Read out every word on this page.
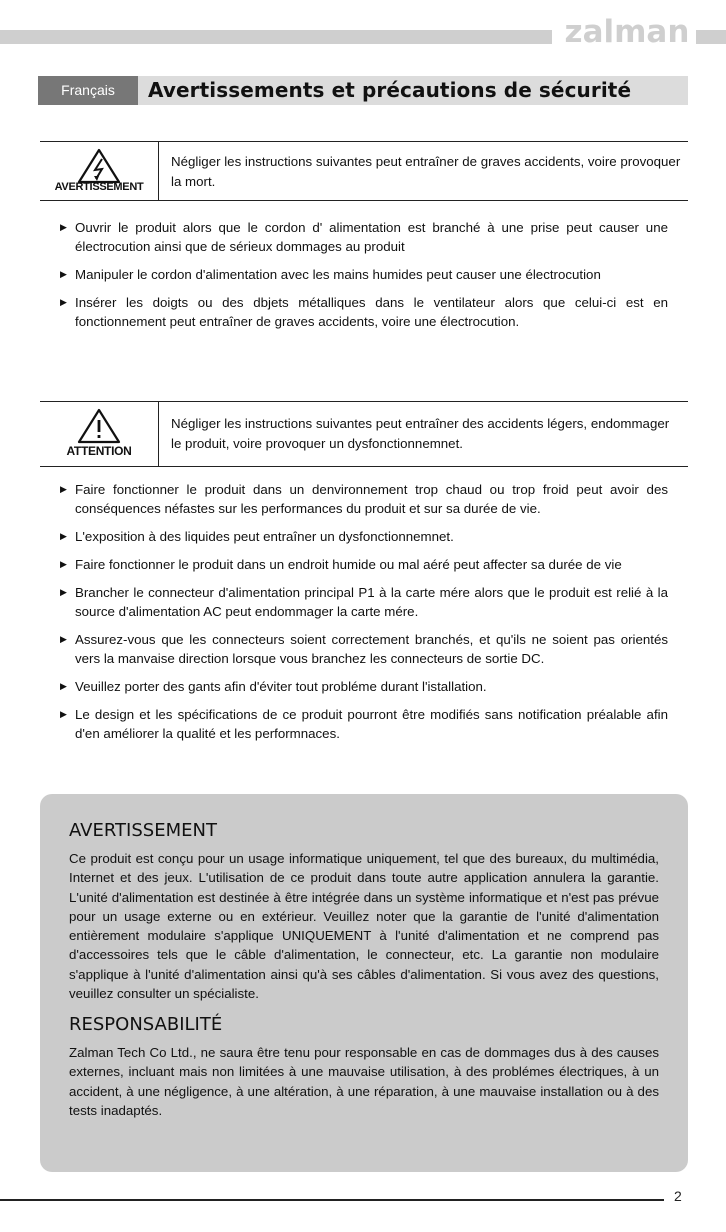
zalman
Français	Avertissements et précautions de sécurité
AVERTISSEMENT
Négliger les instructions suivantes peut entraîner de graves accidents, voire provoquer la mort.
▶ Ouvrir le produit alors que le cordon d' alimentation est branché à une prise peut causer une électrocution ainsi que de sérieux dommages au produit
▶ Manipuler le cordon d'alimentation avec les mains humides peut causer une électrocution
▶ Insérer les doigts ou des dbjets métalliques dans le ventilateur alors que celui-ci est en fonctionnement peut entraîner de graves accidents, voire une électrocution.
ATTENTION
Négliger les instructions suivantes peut entraîner des accidents légers, endommager le produit, voire provoquer un dysfonctionnemnet.
▶ Faire fonctionner le produit dans un denvironnement trop chaud ou trop froid peut avoir des conséquences néfastes sur les performances du produit et sur sa durée de vie.
▶ L'exposition à des liquides peut entraîner un dysfonctionnemnet.
▶ Faire fonctionner le produit dans un endroit humide ou mal aéré peut affecter sa durée de vie
▶ Brancher le connecteur d'alimentation principal P1 à la carte mére alors que le produit est relié à la source d'alimentation AC peut endommager la carte mére.
▶ Assurez-vous que les connecteurs soient correctement branchés, et qu'ils ne soient pas orientés vers la manvaise direction lorsque vous branchez les connecteurs de sortie DC.
▶ Veuillez porter des gants afin d'éviter tout probléme durant l'istallation.
▶ Le design et les spécifications de ce produit pourront être modifiés sans notification préalable afin d'en améliorer la qualité et les performnaces.
AVERTISSEMENT

Ce produit est conçu pour un usage informatique uniquement, tel que des bureaux, du multimédia, Internet et des jeux. L'utilisation de ce produit dans toute autre application annulera la garantie. L'unité d'alimentation est destinée à être intégrée dans un système informatique et n'est pas prévue pour un usage externe ou en extérieur. Veuillez noter que la garantie de l'unité d'alimentation entièrement modulaire s'applique UNIQUEMENT à l'unité d'alimentation et ne comprend pas d'accessoires tels que le câble d'alimentation, le connecteur, etc. La garantie non modulaire s'applique à l'unité d'alimentation ainsi qu'à ses câbles d'alimentation. Si vous avez des questions, veuillez consulter un spécialiste.

RESPONSABILITÉ

Zalman Tech Co Ltd., ne saura être tenu pour responsable en cas de dommages dus à des causes externes, incluant mais non limitées à une mauvaise utilisation, à des problémes électriques, à un accident, à une négligence, à une altération, à une réparation, à une mauvaise installation ou à des tests inadaptés.

2
